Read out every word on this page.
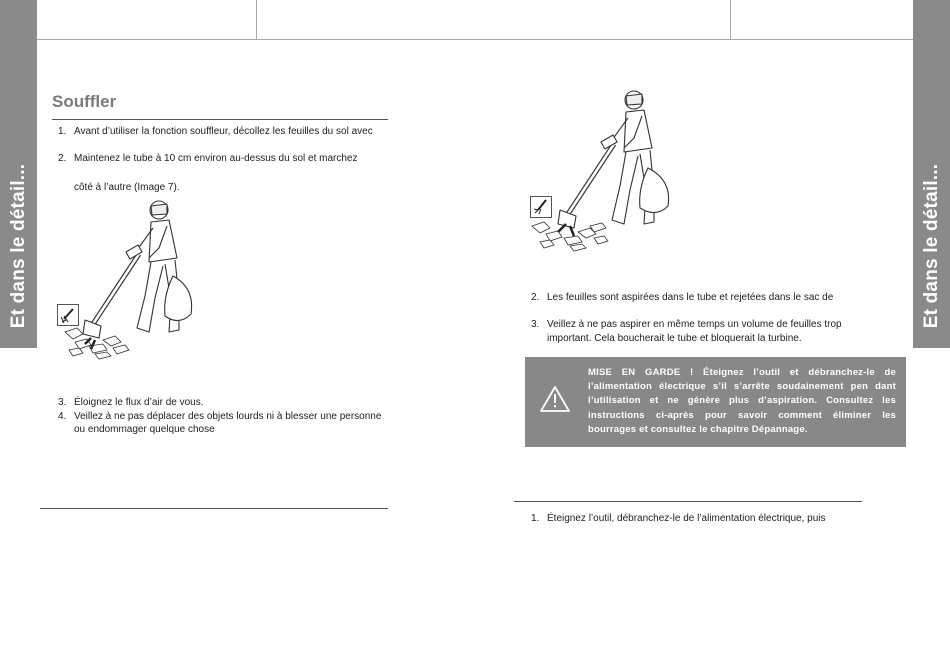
Et dans le détail...	Et dans le détail...
Souffler
1. Avant d’utiliser la fonction souffleur, décollez les feuilles du sol avec
2. Maintenez le tube à 10 cm environ au-dessus du sol et marchez
côté à l’autre (Image 7).
3. Éloignez le flux d’air de vous.
4. Veillez à ne pas déplacer des objets lourds ni à blesser une personne
ou endommager quelque chose
2. Les feuilles sont aspirées dans le tube et rejetées dans le sac de
3. Veillez à ne pas aspirer en même temps un volume de feuilles trop
important. Cela boucherait le tube et bloquerait la turbine.
MISE EN GARDE ! Éteignez l’outil et débranchez-le de l’alimentation électrique s’il s’arrête soudainement pen dant l’utilisation et ne génère plus d’aspiration. Consultez les instructions ci-après pour savoir comment éliminer les bourrages et consultez le chapitre Dépannage.
1. Éteignez l’outil, débranchez-le de l’alimentation électrique, puis
